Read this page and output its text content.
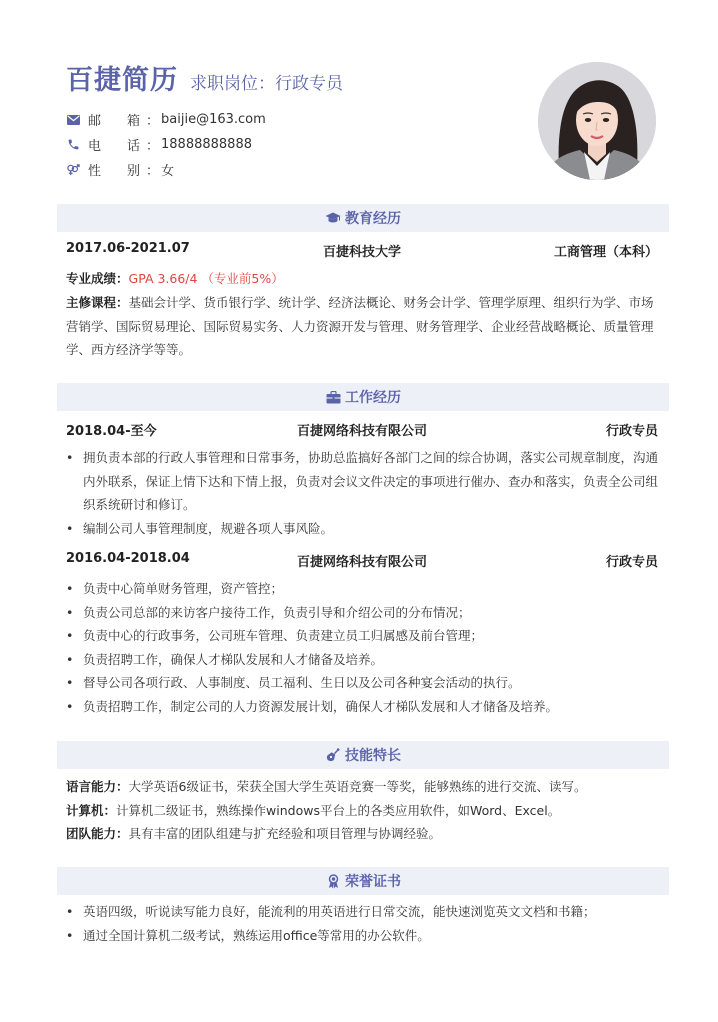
百捷简历 求职岗位：行政专员
邮　　箱 ： baijie@163.com
电　　话 ： 18888888888
性　　别 ： 女
教育经历
2017.06-2021.07	百捷科技大学	工商管理（本科）
专业成绩：GPA 3.66/4 （专业前5%）
主修课程：基础会计学、货币银行学、统计学、经济法概论、财务会计学、管理学原理、组织行为学、市场营销学、国际贸易理论、国际贸易实务、人力资源开发与管理、财务管理学、企业经营战略概论、质量管理学、西方经济学等等。
工作经历
2018.04-至今	百捷网络科技有限公司	行政专员
• 拥负责本部的行政人事管理和日常事务，协助总监搞好各部门之间的综合协调，落实公司规章制度，沟通内外联系，保证上情下达和下情上报，负责对会议文件决定的事项进行催办、查办和落实，负责全公司组织系统研讨和修订。
• 编制公司人事管理制度，规避各项人事风险。
2016.04-2018.04	百捷网络科技有限公司	行政专员
• 负责中心简单财务管理，资产管控；
• 负责公司总部的来访客户接待工作，负责引导和介绍公司的分布情况；
• 负责中心的行政事务，公司班车管理、负责建立员工归属感及前台管理；
• 负责招聘工作，确保人才梯队发展和人才储备及培养。
• 督导公司各项行政、人事制度、员工福利、生日以及公司各种宴会活动的执行。
• 负责招聘工作，制定公司的人力资源发展计划，确保人才梯队发展和人才储备及培养。
技能特长
语言能力：大学英语6级证书，荣获全国大学生英语竞赛一等奖，能够熟练的进行交流、读写。
计算机：计算机二级证书，熟练操作windows平台上的各类应用软件，如Word、Excel。
团队能力：具有丰富的团队组建与扩充经验和项目管理与协调经验。
荣誉证书
• 英语四级，听说读写能力良好，能流利的用英语进行日常交流，能快速浏览英文文档和书籍；
• 通过全国计算机二级考试，熟练运用office等常用的办公软件。
